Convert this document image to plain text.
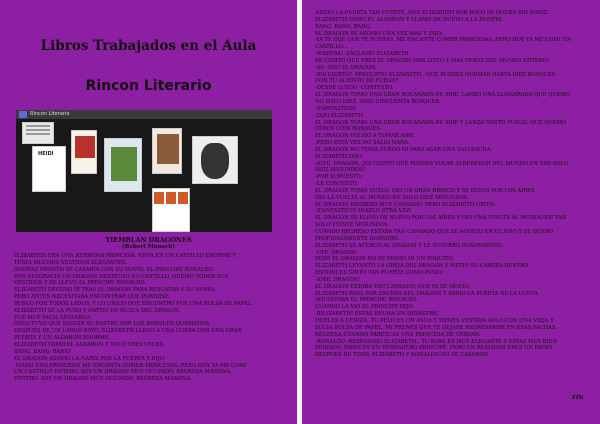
Libros Trabajados en el Aula
Rincon Literario
Rincón Literario
HEIDI
TIEMBLAN DRAGONES
(Robert Munsch)
ELIZABETH ERA UNA HERMOSA PRINCESA. VIVIA EN UN CASTILLO ENORME Y
TENIA MUCHOS VESTIDOS ELEGANTES.
ADEMAS PRONTO SE CASARIA CON SU NOVIO, EL PRINCIPE RONALDO.
POR DESGRACIA UN DRAGON DESTRUYO SU CASTILLO, QUEMO TODOS SUS
VESTIDOS Y SE LLEVO AL PRINCIPE RONALDO.
ELIZABETH DECIDIO IR TRAS EL DRAGON PARA RESCATAR A SU NOVIO.
PERO ANTES NECESITABA ENCONTRAR QUE PONERSE.
BUSCO POR TODOS LADOS, Y LO UNICO QUE ENCONTRO FUE UNA BOLSA DE PAPEL.
ELIZABETH SE LA PUSO Y PARTIO EN BUSCA DEL DRAGON.
FUE MUY FACIL SEGUIRLO.
SOLO TUVO QUE SEGUIR SU RASTRO POR LOS BOSQUES QUEMADOS.
DESPUES DE UN LARGO RATO, ELIZABETH LLEGO A UNA CUEVA CON UNA GRAN
PUERTA Y UN ALDABON ENORME.
ELIZABETH TOMO EL ALDABON Y TOCO TRES VECES:
BANG, BANG, BANG!
EL DRAGON ASOMO LA NARIZ POR LA PUERTA Y DIJO:
-IVAYA! UNA PRINCESA! ME ENCANTA COMER PRINCESAS, PERO HOY YA ME COMI
UN CASTILLO ENTERO. SOY UN DRAGON MUY OCUPADO. REGRESA MAÑANA.
ENTERO. SOY UN DRAGON MUY OCUPADO. REGRESA MAÑANA.
AZOTO LA PUERTA TAN FUERTE, QUE ELIZABETH POR POCO SE QUEDA SIN NARIZ.
ELIZABETH TOMO EL ALDABON Y LLAMO DE NUEVO A LA PUERTA:
BANG, BANG, BANG.
EL DRAGON SE ASOMO UNA VEZ MAS Y DIJO:
-YA TE DIJE QUE TE FUERAS. ME ENCANTE COMER PRINCESAS, PERO HOY YA ME COMI UN
CASTILLO...
-IESPERA! -EXCLAMO ELIZABETH.
ES CIERTO QUE ERES EL DRAGON MAS LISTO Y MAS FEROZ DEL MUNDO ENTERO?
-SI! -DIJO EL DRAGON.
-IES CIERTO? -PREGUNTO ELIZABETH. -QUE PUEDES QUEMAR HASTA DIEZ BOSQUES
CON TU ALIENTO DE FUEGO?
-DESDE LUEGO -CONTESTO.
EL DRAGON TOMO UNA GRAN BOCANADA DE AIRE, LANZO UNA LLAMARADA QUE QUEMO
NO SOLO DIEZ, SINO CINCUENTA BOSQUES.
-IFANTASTICO!
-DIJO ELIZABETH.
EL DRAGON TOMO UNA GRAN BOCANADA DE AIRE Y LANZO TANTO FUEGO, QUE QUEMO
OTROS CIEN BOSQUES.
EL DRAGON VOLVIO A TOMAR AIRE.
-PERO ESTA VEZ NO SALIO NADA.
EL DRAGON NO TENIA FUEGO NI PARA ASAR UNA SALCHICHA.
ELIZABETH DIJO:
-IOYE, DRAGON. ¿ES CIERTO QUE PUEDES VOLAR ALREDEDOR DEL MUNDO EN TAN SOLO
DIEZ SEGUNDOS?
-POR SUPUESTO.
-LE CONTESTO.
EL DRAGON TOMO VUELO, DIO UN GRAN BRINCO Y SE ELEVO POR LOS AIRES
DIO LA VUELTA AL MUNDO EN SOLO DIEZ SEGUNDOS.
EL DRAGON REGRESO MUY CANSADO, PERO ELIZABETH GRITO:
-IFANTASTICO! IHAZLO OTRA VEZ!
EL DRAGON SE ELEVO DE NUEVO POR LOS AIRES Y DIO UNA VUELTA AL MUNDO EN TAN
SOLO VEINTE SEGUNDOS.
CUANDO REGRESO ESTABA TAN CANSADO QUE SE ACOSTO EN EL PISO Y SE QUEDO
PROFUNDAMENTE DORMIDO.
ELIZABETH SE ACERCO AL DRAGON Y LE SUSURRO SUAVEMENTE:
-OYE, DRAGON.
PERO EL DRAGON NO SE MOVIO NI UN POQUITO.
ELIZABETH LEVANTO LA OREJA DEL DRAGON Y METIO SU CABEZA DENTRO.
ENTONCES GRITO TAN FUERTE COMO PUDO:
-IOYE, DRAGON!
EL DRAGON ESTABA TAN CANSADO, QUE NI SE MOVIO.
ELIZABETH PASO POR ENCIMA DEL DRAGON Y ABRIO LA PUERTA DE LA CUEVA.
AHI ESTABA EL PRINCIPE RONALDO.
CUANDO LA VIO EL PRINCIPE DIJO:
-IELIZABETH! ESTAS HECHA UN DESASTRE!
HUELES A CENIZA, TU PELO ES UN ASCO Y TIENES VESTIDA SOLO CON UNA VIEJA Y
SUCIA BOLSA DE PAPEL. MI FRENES QUE TE DEJARE REGRESARME EN ESAS FACHAS.
REGRESA CUANDO PAREZCAS UNA PRINCESA DE VERDAD.
-RONALDO -RESPONDIO ELIZABETH-, TU ROPA ES MUY ELEGANTE Y ESTAS MUY BIEN
PEINADO. PARECES UN VERDADERO PRINCIPE, PERO EN REALIDAD ERES UN PATAN
DESPUES DE TODO, ELIZABETH Y RONALDO NO SE CASARON.
FIN
